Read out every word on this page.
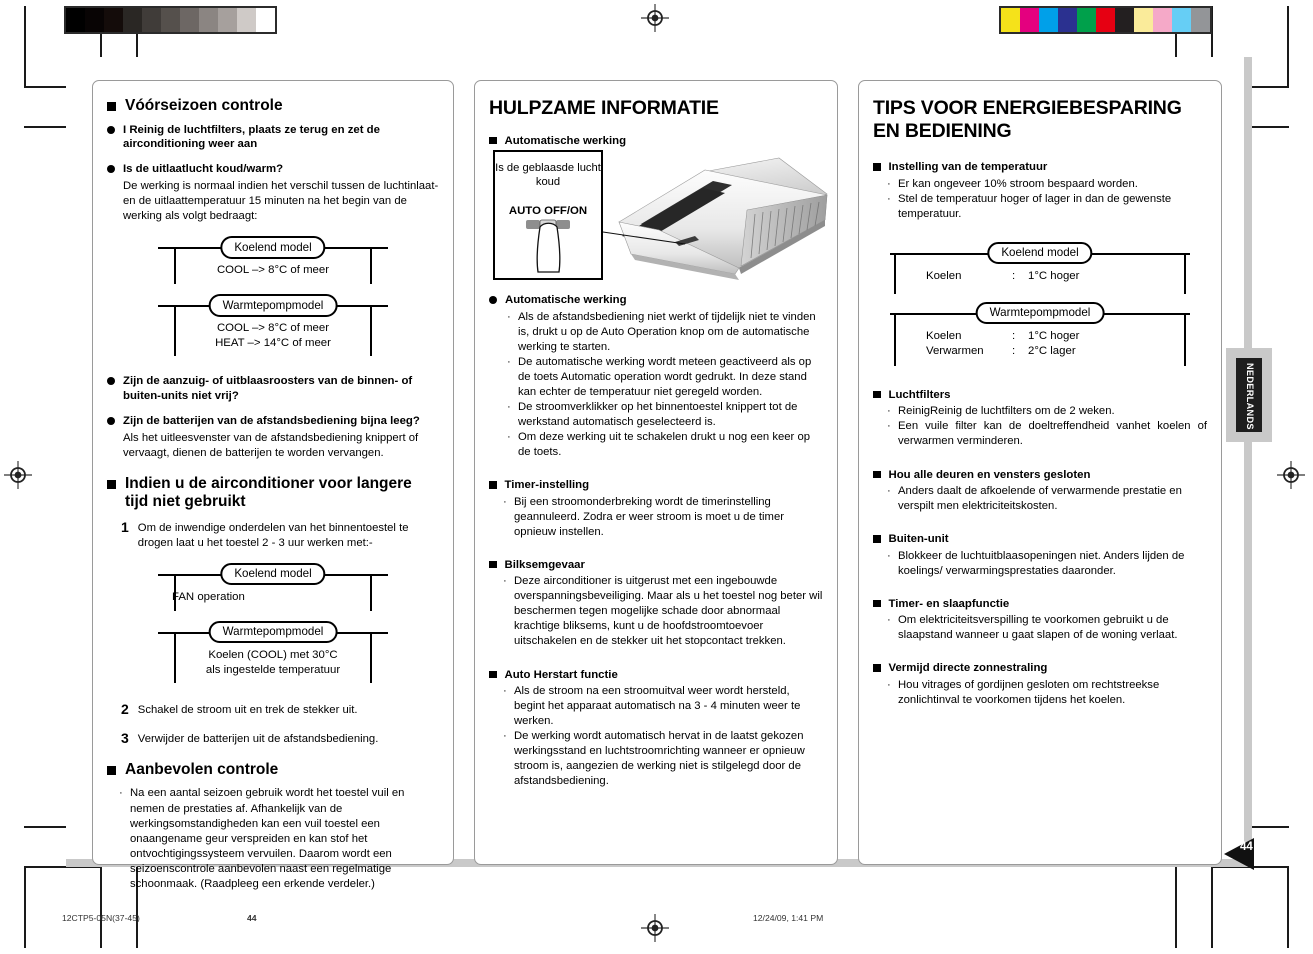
NEDERLANDS
44
Vóórseizoen controle
I Reinig de luchtfilters, plaats ze terug en zet de airconditioning weer aan
Is de uitlaatlucht koud/warm?
De werking is normaal indien het verschil tussen de luchtinlaat- en de uitlaattemperatuur 15 minuten na het begin van de werking als volgt bedraagt:
Koelend model
COOL –> 8°C of meer
Warmtepompmodel
COOL –> 8°C of meer
HEAT –> 14°C of meer
Zijn de aanzuig- of uitblaasroosters van de binnen- of buiten-units niet vrij?
Zijn de batterijen van de afstandsbediening bijna leeg?
Als het uitleesvenster van de afstandsbediening knippert of vervaagt, dienen de batterijen te worden vervangen.
Indien u de airconditioner voor langere tijd niet gebruikt
1 Om de inwendige onderdelen van het binnentoestel te drogen laat u het toestel 2 - 3 uur werken met:-
Koelend model
FAN operation
Warmtepompmodel
Koelen (COOL) met 30°C
als ingestelde temperatuur
2 Schakel de stroom uit en trek de stekker uit.
3 Verwijder de batterijen uit de afstandsbediening.
Aanbevolen controle
· Na een aantal seizoen gebruik wordt het toestel vuil en nemen de prestaties af. Afhankelijk van de werkingsomstandigheden kan een vuil toestel een onaangename geur verspreiden en kan stof het ontvochtigingssysteem vervuilen. Daarom wordt een seizoenscontrole aanbevolen naast een regelmatige schoonmaak. (Raadpleeg een erkende verdeler.)
HULPZAME INFORMATIE
Automatische werking
Is de geblaasde lucht koud
AUTO OFF/ON
Automatische werking
· Als de afstandsbediening niet werkt of tijdelijk niet te vinden is, drukt u op de Auto Operation knop om de automatische werking te starten.
· De automatische werking wordt meteen geactiveerd als op de toets Automatic operation wordt gedrukt. In deze stand kan echter de temperatuur niet geregeld worden.
· De stroomverklikker op het binnentoestel knippert tot de werkstand automatisch geselecteerd is.
· Om deze werking uit te schakelen drukt u nog een keer op de toets.
Timer-instelling
· Bij een stroomonderbreking wordt de timerinstelling geannuleerd. Zodra er weer stroom is moet u de timer opnieuw instellen.
Bilksemgevaar
· Deze airconditioner is uitgerust met een ingebouwde overspanningsbeveiliging. Maar als u het toestel nog beter wil beschermen tegen mogelijke schade door abnormaal krachtige bliksems, kunt u de hoofdstroomtoevoer uitschakelen en de stekker uit het stopcontact trekken.
Auto Herstart functie
· Als de stroom na een stroomuitval weer wordt hersteld, begint het apparaat automatisch na 3 - 4 minuten weer te werken.
· De werking wordt automatisch hervat in de laatst gekozen werkingsstand en luchtstroomrichting wanneer er opnieuw stroom is, aangezien de werking niet is stilgelegd door de afstandsbediening.
TIPS VOOR ENERGIEBESPARING EN BEDIENING
Instelling van de temperatuur
· Er kan ongeveer 10% stroom bespaard worden.
· Stel de temperatuur hoger of lager in dan de gewenste temperatuur.
Koelend model
Koelen	:	1°C hoger
Warmtepompmodel
Koelen	:	1°C hoger
Verwarmen	:	2°C lager
Luchtfilters
· ReinigReinig de luchtfilters om de 2 weken.
· Een vuile filter kan de doeltreffendheid vanhet koelen of verwarmen verminderen.
Hou alle deuren en vensters gesloten
· Anders daalt de afkoelende of verwarmende prestatie en verspilt men elektriciteitskosten.
Buiten-unit
· Blokkeer de luchtuitblaasopeningen niet. Anders lijden de koelings/ verwarmingsprestaties daaronder.
Timer- en slaapfunctie
· Om elektriciteitsverspilling te voorkomen gebruikt u de slaapstand wanneer u gaat slapen of de woning verlaat.
Vermijd directe zonnestraling
· Hou vitrages of gordijnen gesloten om rechtstreekse zonlichtinval te voorkomen tijdens het koelen.
12CTP5-05N(37-45)	44	12/24/09, 1:41 PM
